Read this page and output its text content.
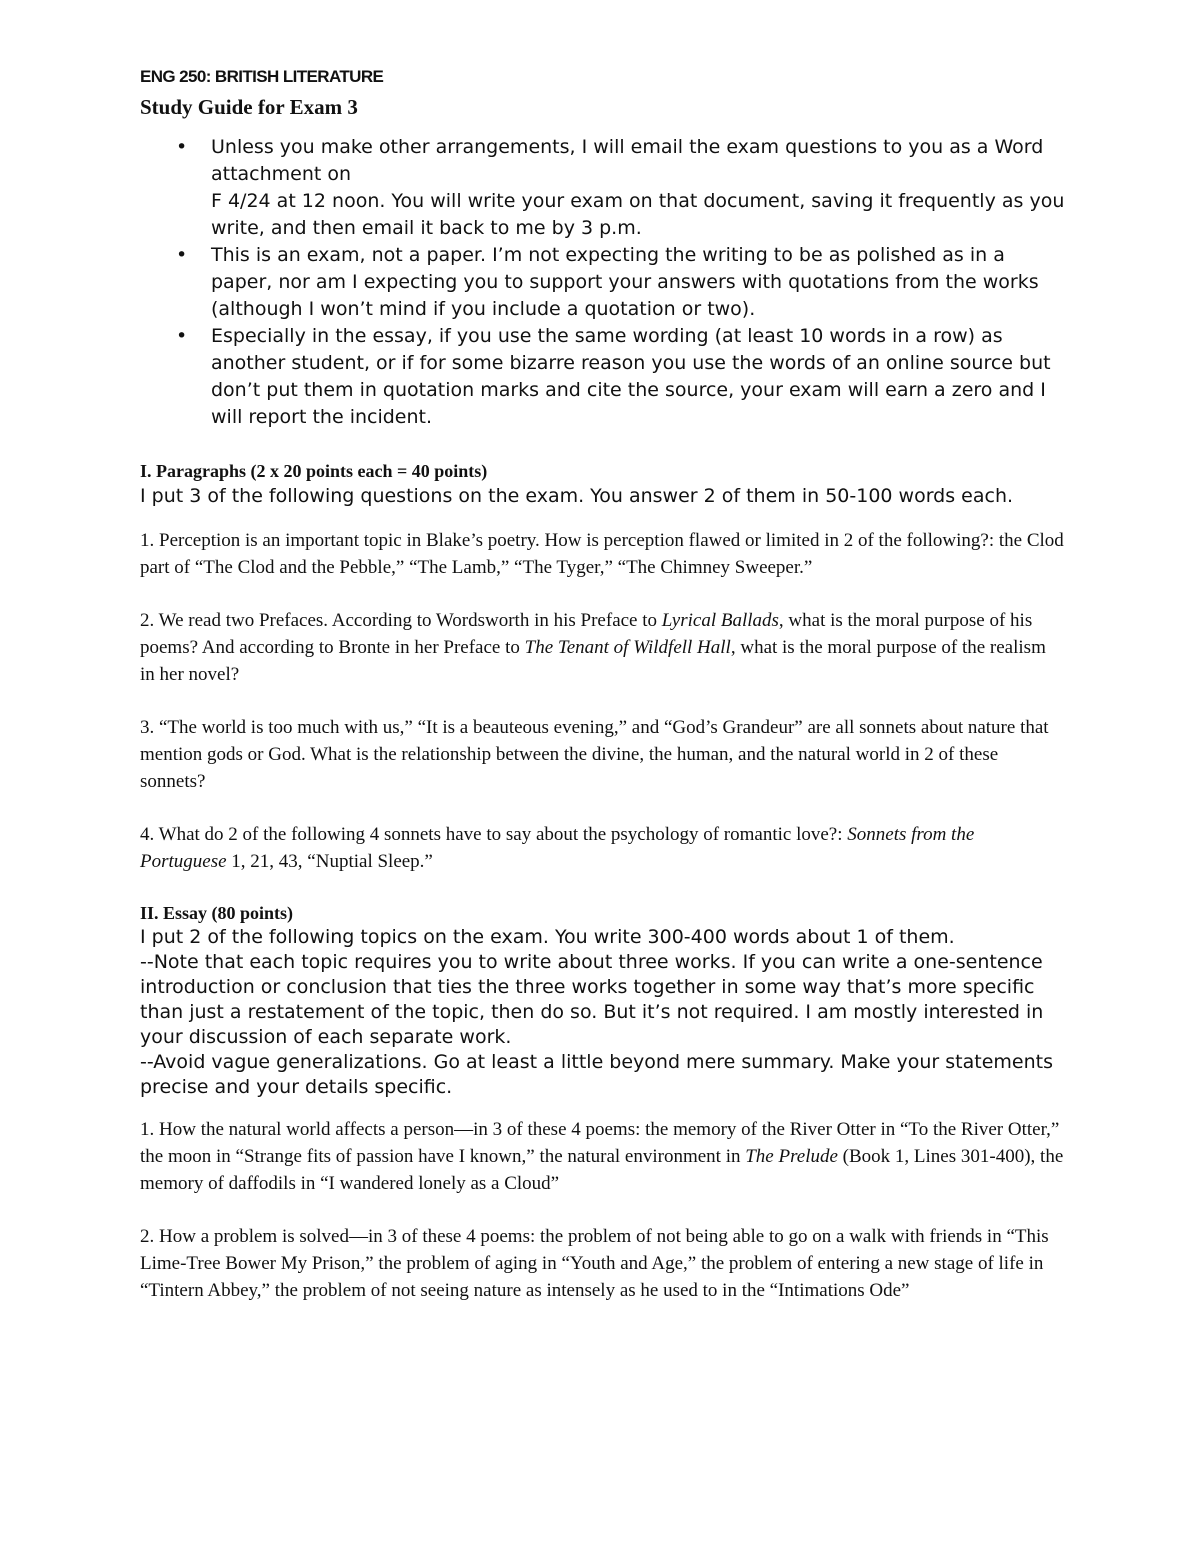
ENG 250: BRITISH LITERATURE
Study Guide for Exam 3
• Unless you make other arrangements, I will email the exam questions to you as a Word attachment on
F 4/24 at 12 noon. You will write your exam on that document, saving it frequently as you write, and then email it back to me by 3 p.m.
• This is an exam, not a paper. I’m not expecting the writing to be as polished as in a paper, nor am I expecting you to support your answers with quotations from the works (although I won’t mind if you include a quotation or two).
• Especially in the essay, if you use the same wording (at least 10 words in a row) as another student, or if for some bizarre reason you use the words of an online source but don’t put them in quotation marks and cite the source, your exam will earn a zero and I will report the incident.
I. Paragraphs (2 x 20 points each = 40 points)

I put 3 of the following questions on the exam. You answer 2 of them in 50-100 words each.

1. Perception is an important topic in Blake’s poetry. How is perception flawed or limited in 2 of the following?: the Clod part of “The Clod and the Pebble,” “The Lamb,” “The Tyger,” “The Chimney Sweeper.”

2. We read two Prefaces. According to Wordsworth in his Preface to Lyrical Ballads, what is the moral purpose of his poems? And according to Bronte in her Preface to The Tenant of Wildfell Hall, what is the moral purpose of the realism in her novel?

3. “The world is too much with us,” “It is a beauteous evening,” and “God’s Grandeur” are all sonnets about nature that mention gods or God. What is the relationship between the divine, the human, and the natural world in 2 of these sonnets?

4. What do 2 of the following 4 sonnets have to say about the psychology of romantic love?: Sonnets from the Portuguese 1, 21, 43, “Nuptial Sleep.”

II. Essay (80 points)

I put 2 of the following topics on the exam. You write 300-400 words about 1 of them.

--Note that each topic requires you to write about three works. If you can write a one-sentence introduction or conclusion that ties the three works together in some way that’s more specific than just a restatement of the topic, then do so. But it’s not required. I am mostly interested in your discussion of each separate work.

--Avoid vague generalizations. Go at least a little beyond mere summary. Make your statements precise and your details specific.

1. How the natural world affects a person—in 3 of these 4 poems: the memory of the River Otter in “To the River Otter,” the moon in “Strange fits of passion have I known,” the natural environment in The Prelude (Book 1, Lines 301-400), the memory of daffodils in “I wandered lonely as a Cloud”

2. How a problem is solved—in 3 of these 4 poems: the problem of not being able to go on a walk with friends in “This Lime-Tree Bower My Prison,” the problem of aging in “Youth and Age,” the problem of entering a new stage of life in “Tintern Abbey,” the problem of not seeing nature as intensely as he used to in the “Intimations Ode”
